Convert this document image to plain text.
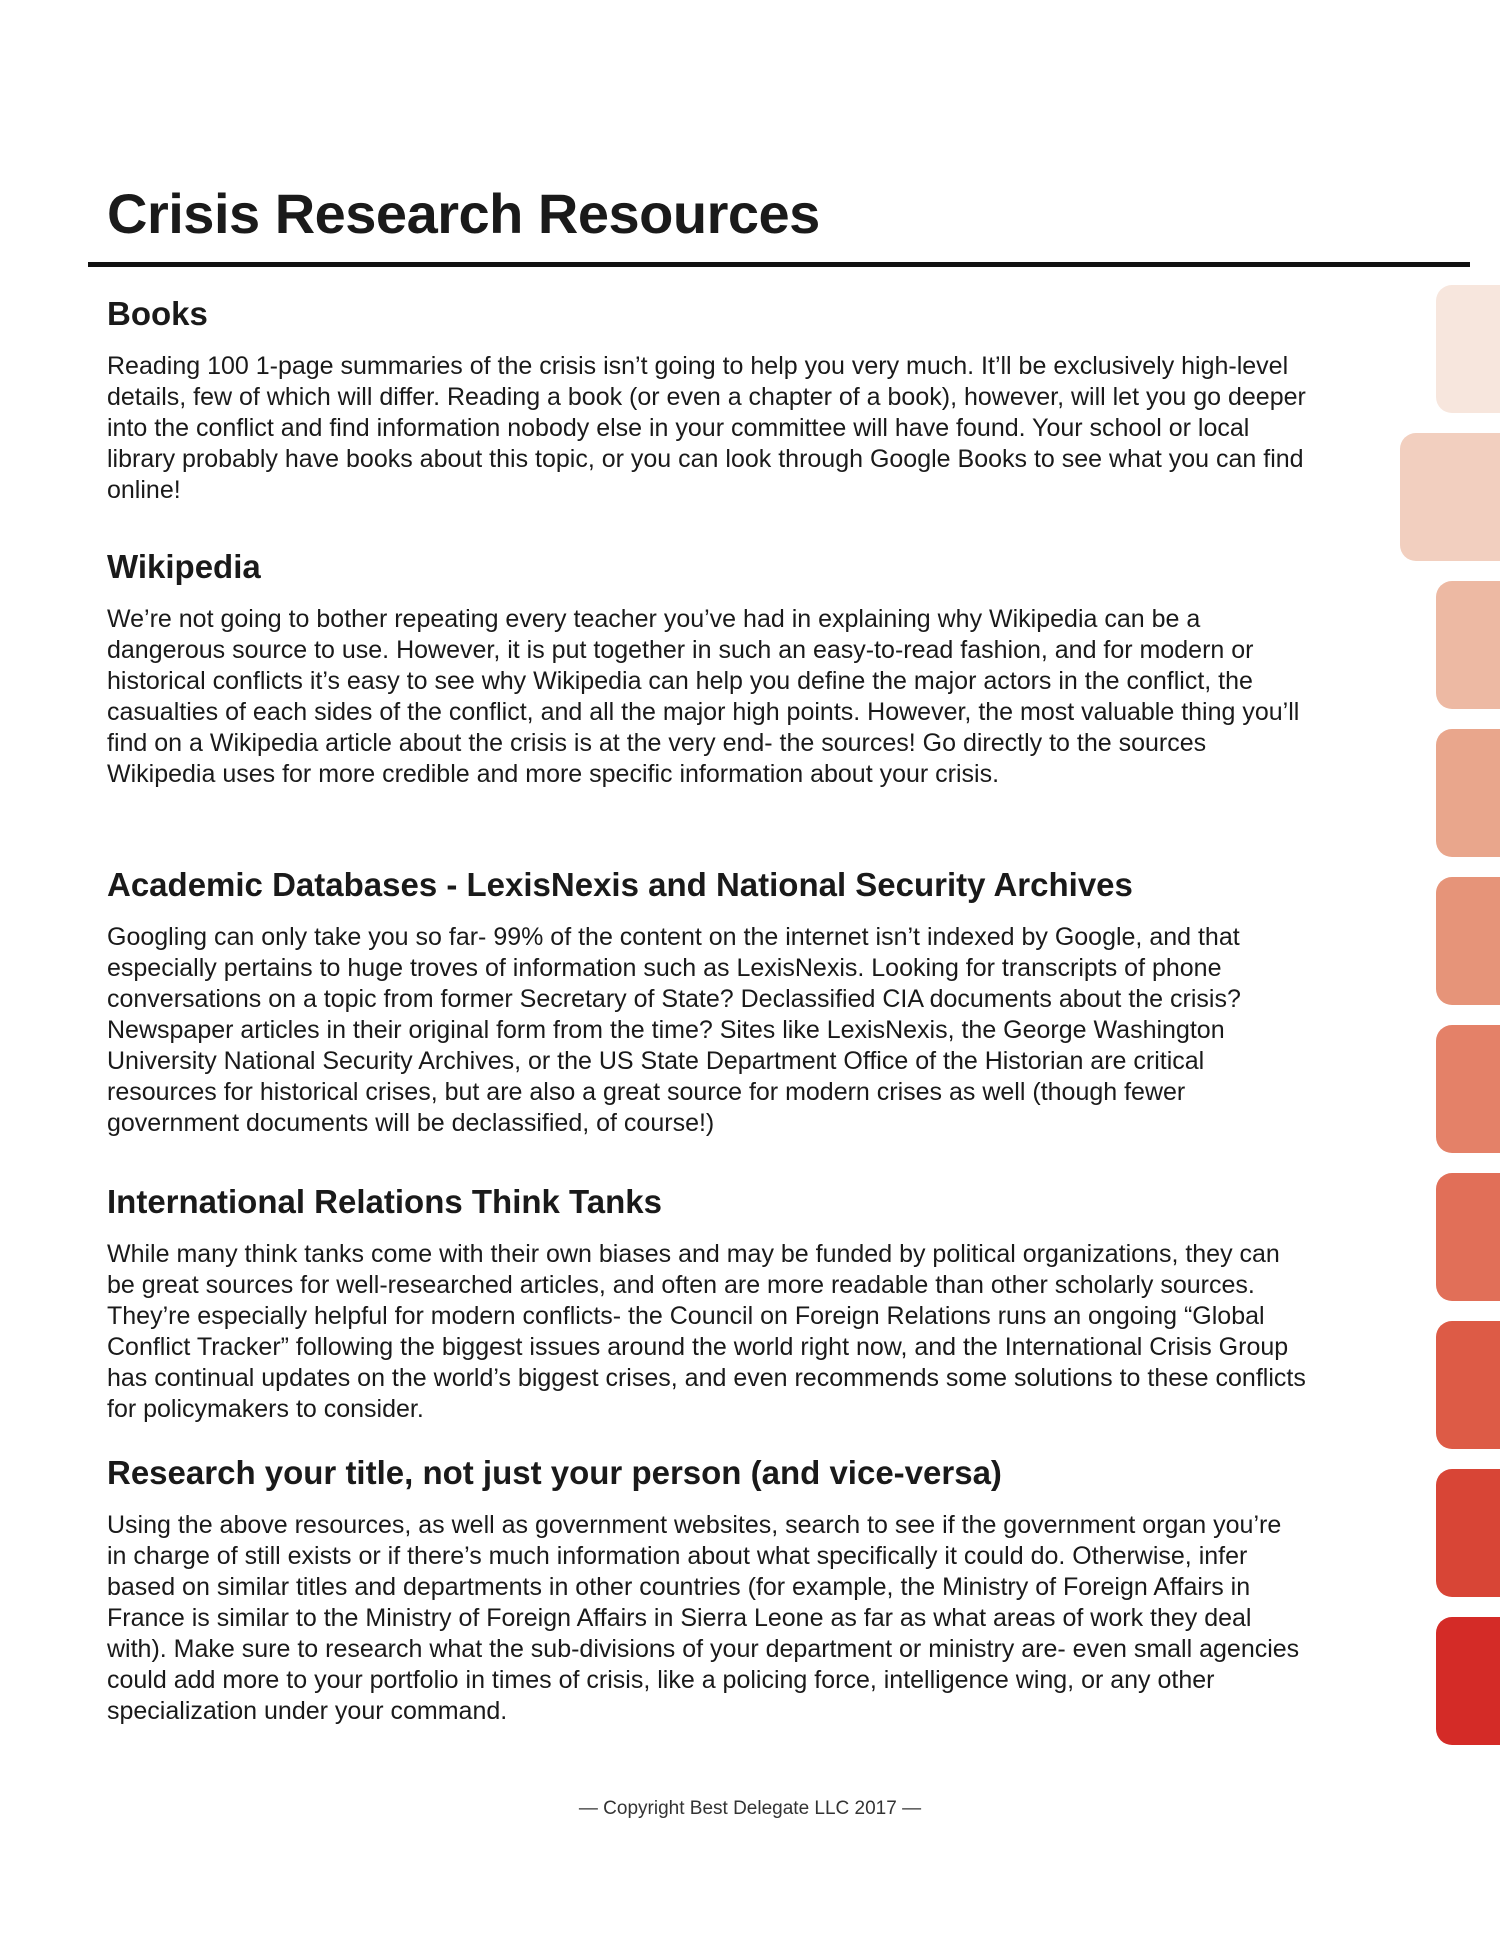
Crisis Research Resources
Books

Reading 100 1-page summaries of the crisis isn’t going to help you very much. It’ll be exclusively high-level details, few of which will differ. Reading a book (or even a chapter of a book), however, will let you go deeper into the conflict and find information nobody else in your committee will have found. Your school or local library probably have books about this topic, or you can look through Google Books to see what you can find online!

Wikipedia

We’re not going to bother repeating every teacher you’ve had in explaining why Wikipedia can be a dangerous source to use. However, it is put together in such an easy-to-read fashion, and for modern or historical conflicts it’s easy to see why Wikipedia can help you define the major actors in the conflict, the casualties of each sides of the conflict, and all the major high points. However, the most valuable thing you’ll find on a Wikipedia article about the crisis is at the very end- the sources! Go directly to the sources Wikipedia uses for more credible and more specific information about your crisis.

Academic Databases - LexisNexis and National Security Archives

Googling can only take you so far- 99% of the content on the internet isn’t indexed by Google, and that especially pertains to huge troves of information such as LexisNexis. Looking for transcripts of phone conversations on a topic from former Secretary of State? Declassified CIA documents about the crisis? Newspaper articles in their original form from the time? Sites like LexisNexis, the George Washington University National Security Archives, or the US State Department Office of the Historian are critical resources for historical crises, but are also a great source for modern crises as well (though fewer government documents will be declassified, of course!)

International Relations Think Tanks

While many think tanks come with their own biases and may be funded by political organizations, they can be great sources for well-researched articles, and often are more readable than other scholarly sources. They’re especially helpful for modern conflicts- the Council on Foreign Relations runs an ongoing “Global Conflict Tracker” following the biggest issues around the world right now, and the International Crisis Group has continual updates on the world’s biggest crises, and even recommends some solutions to these conflicts for policymakers to consider.

Research your title, not just your person (and vice-versa)

Using the above resources, as well as government websites, search to see if the government organ you’re in charge of still exists or if there’s much information about what specifically it could do. Otherwise, infer based on similar titles and departments in other countries (for example, the Ministry of Foreign Affairs in France is similar to the Ministry of Foreign Affairs in Sierra Leone as far as what areas of work they deal with). Make sure to research what the sub-divisions of your department or ministry are- even small agencies could add more to your portfolio in times of crisis, like a policing force, intelligence wing, or any other specialization under your command.

— Copyright Best Delegate LLC 2017 —
